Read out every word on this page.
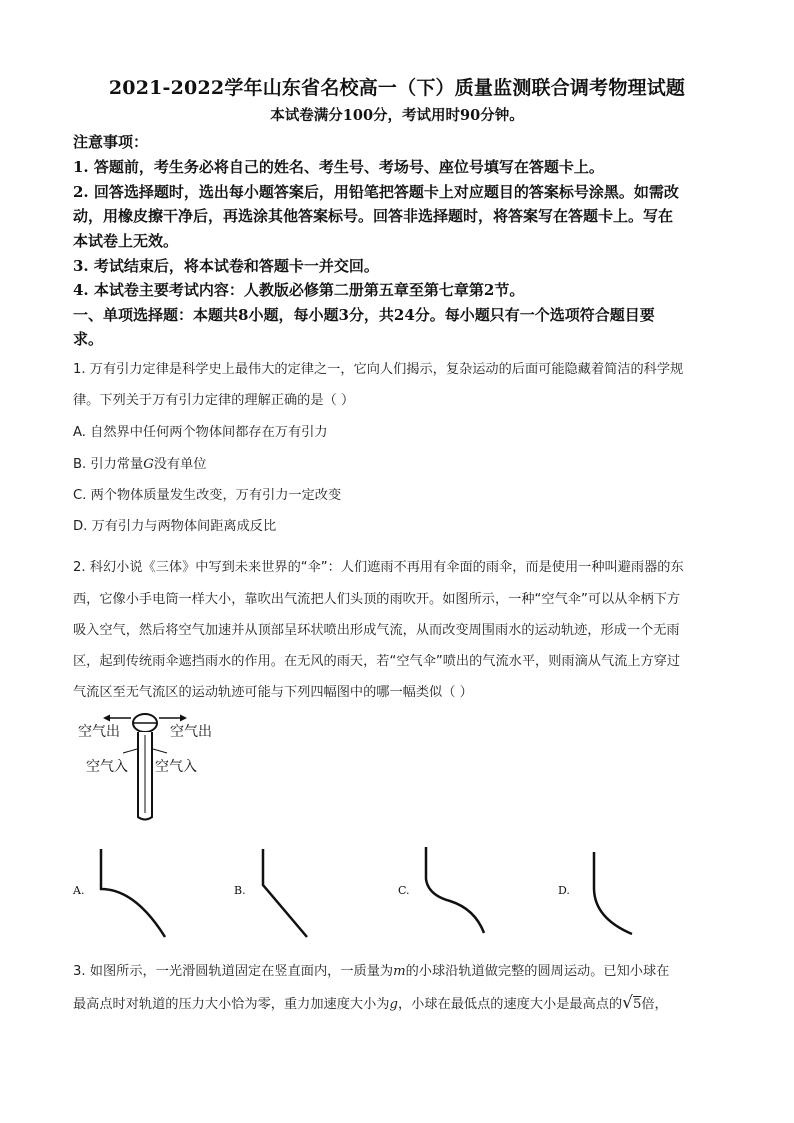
2021-2022学年山东省名校高一（下）质量监测联合调考物理试题
本试卷满分100分，考试用时90分钟。
注意事项：
1. 答题前，考生务必将自己的姓名、考生号、考场号、座位号填写在答题卡上。
2. 回答选择题时，选出每小题答案后，用铅笔把答题卡上对应题目的答案标号涂黑。如需改
动，用橡皮擦干净后，再选涂其他答案标号。回答非选择题时，将答案写在答题卡上。写在
本试卷上无效。
3. 考试结束后，将本试卷和答题卡一并交回。
4. 本试卷主要考试内容：人教版必修第二册第五章至第七章第2节。
一、单项选择题：本题共8小题，每小题3分，共24分。每小题只有一个选项符合题目要
求。
1. 万有引力定律是科学史上最伟大的定律之一，它向人们揭示，复杂运动的后面可能隐藏着简洁的科学规
律。下列关于万有引力定律的理解正确的是（ ）
A. 自然界中任何两个物体间都存在万有引力
B. 引力常量G没有单位
C. 两个物体质量发生改变，万有引力一定改变
D. 万有引力与两物体间距离成反比
2. 科幻小说《三体》中写到未来世界的“伞”：人们遮雨不再用有伞面的雨伞，而是使用一种叫避雨器的东
西，它像小手电筒一样大小，靠吹出气流把人们头顶的雨吹开。如图所示，一种“空气伞”可以从伞柄下方
吸入空气，然后将空气加速并从顶部呈环状喷出形成气流，从而改变周围雨水的运动轨迹，形成一个无雨
区，起到传统雨伞遮挡雨水的作用。在无风的雨天，若“空气伞”喷出的气流水平，则雨滴从气流上方穿过
气流区至无气流区的运动轨迹可能与下列四幅图中的哪一幅类似（ ）
空气出	空气出
空气入 空气入
A.	B.	C.	D.
3. 如图所示，一光滑圆轨道固定在竖直面内，一质量为m的小球沿轨道做完整的圆周运动。已知小球在
最高点时对轨道的压力大小恰为零，重力加速度大小为g，小球在最低点的速度大小是最高点的√5倍，
